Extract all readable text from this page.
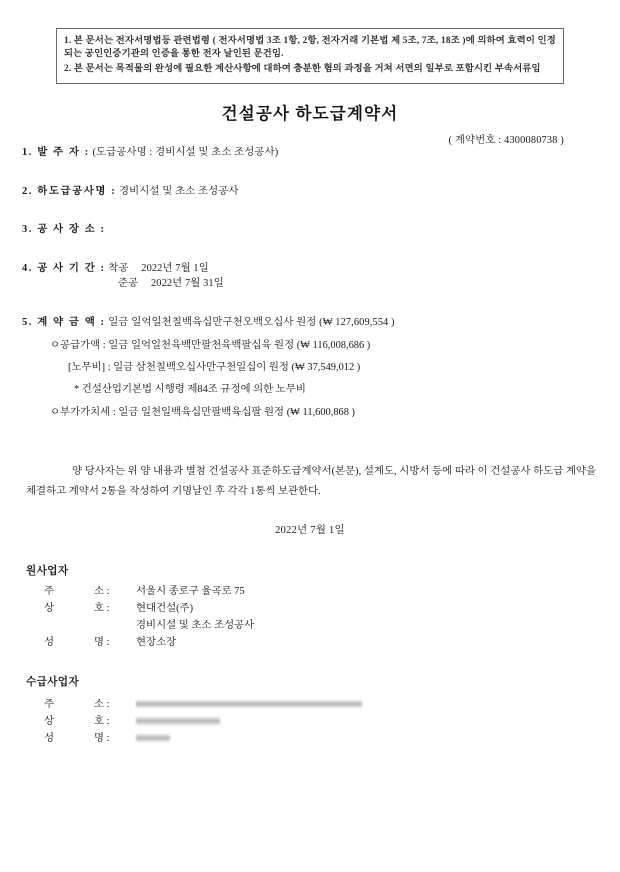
1. 본 문서는 전자서명법등 관련법령 ( 전자서명법 3조 1항, 2항, 전자거래 기본법 제 5조, 7조, 18조 )에 의하여 효력이 인정되는 공인인증기관의 인증을 통한 전자 날인된 문건임.
2. 본 문서는 목적물의 완성에 필요한 계산사항에 대하여 충분한 혐의 과정을 거쳐 서면의 일부로 포함시킨 부속서류임
건설공사 하도급계약서
( 계약번호 : 4300080738 )
1. 발 주 자 : (도급공사명 : 경비시설 및 초소 조성공사)
2. 하도급공사명 : 경비시설 및 초소 조성공사
3. 공 사 장 소 :
4. 공 사 기 간 : 착공 2022년 7월 1일
준공 2022년 7월 31일
5. 계 약 금 액 : 일금 일억일천칠백육십만구천오백오십사 원정 (₩ 127,609,554 )
ㅇ공급가액 : 일금 일억일천육백만팔천육백팔십육 원정 (₩ 116,008,686 )
[노무비] : 일금 삼천칠백오십사만구천일십이 원정 (₩ 37,549,012 )
* 건설산업기본법 시행령 제84조 규정에 의한 노무비
ㅇ부가가치세 : 일금 일천일백육십만팔백육십팔 원정 (₩ 11,600,868 )
양 당사자는 위 양 내용과 별첨 건설공사 표준하도급계약서(본문), 설계도, 시방서 등에 따라 이 건설공사 하도급 계약을 체결하고 계약서 2통을 작성하여 기명날인 후 각각 1통씩 보관한다.
2022년 7월 1일
원사업자
주	소 :	서울시 종로구 율곡로 75
상	호 :	현대건설(주)
경비시설 및 초소 조성공사
성	명 :	현장소장
수급사업자
주	소 :

상	호 :

성	명 :
